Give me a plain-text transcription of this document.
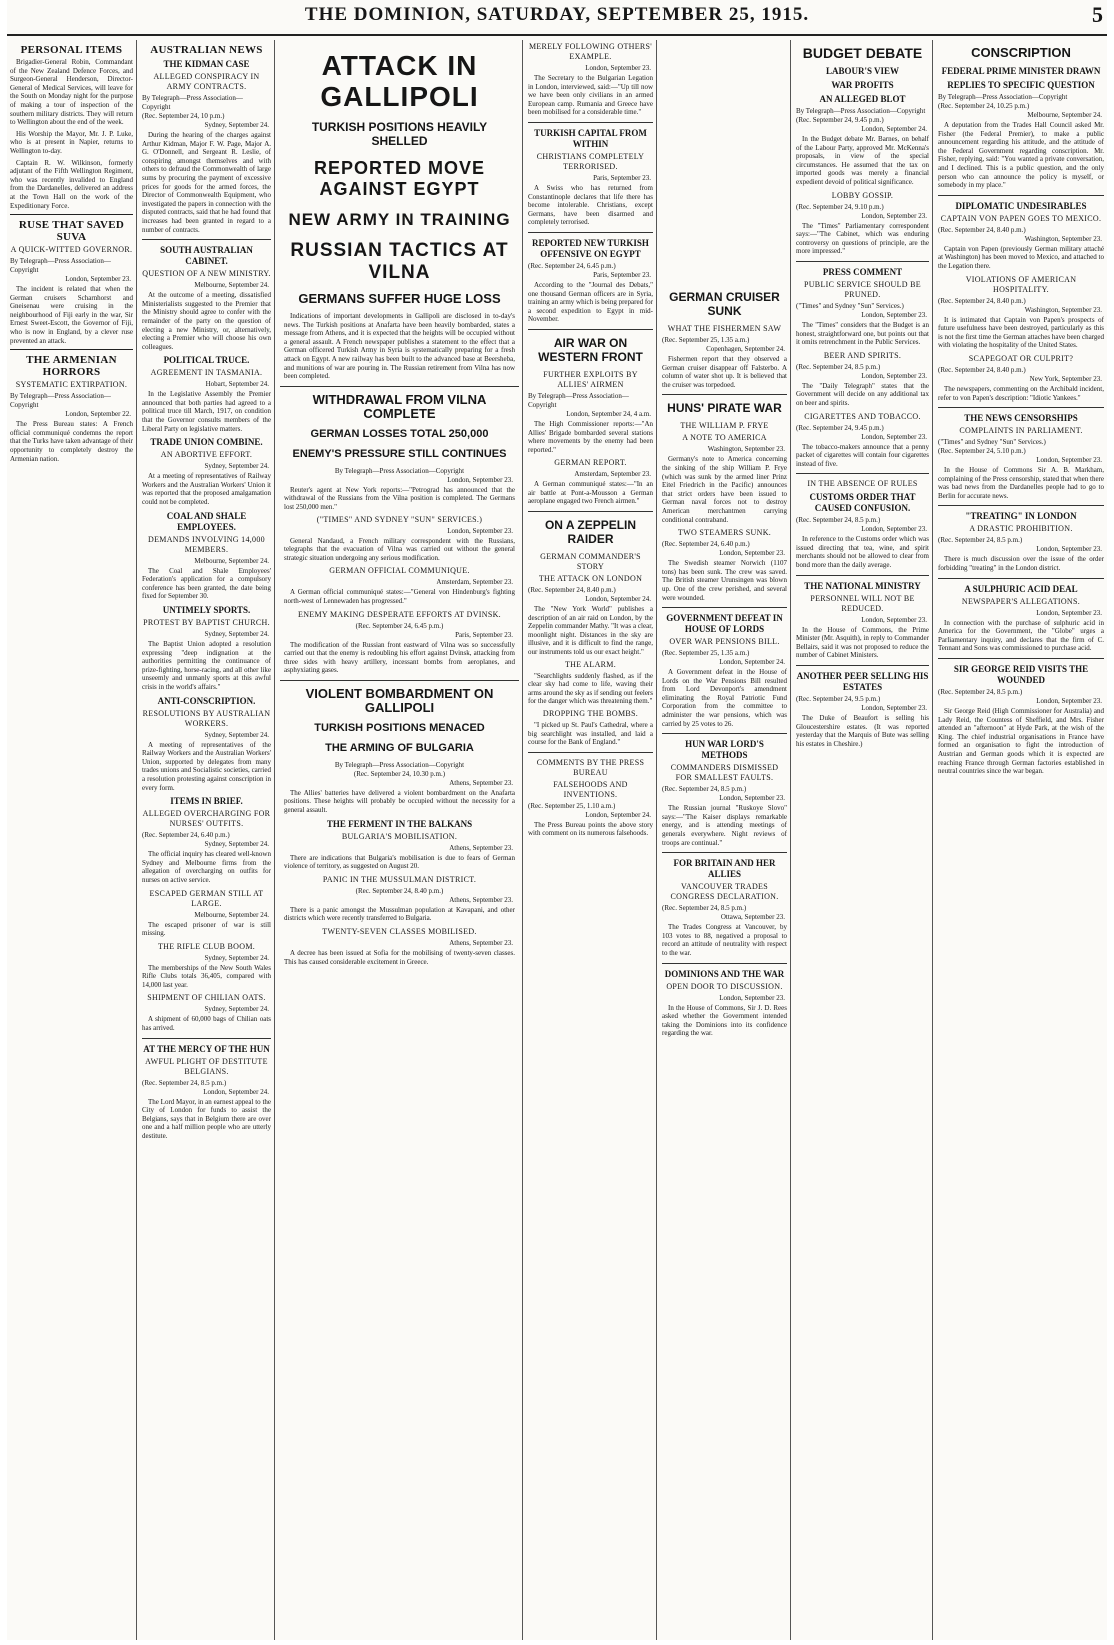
THE DOMINION, SATURDAY, SEPTEMBER 25, 1915.	5
PERSONAL ITEMS

Brigadier-General Robin, Commandant of the New Zealand Defence Forces, and Surgeon-General Henderson, Director-General of Medical Services, will leave for the South on Monday night for the purpose of making a tour of inspection of the southern military districts. They will return to Wellington about the end of the week.

His Worship the Mayor, Mr. J. P. Luke, who is at present in Napier, returns to Wellington to-day.

Captain R. W. Wilkinson, formerly adjutant of the Fifth Wellington Regiment, who was recently invalided to England from the Dardanelles, delivered an address at the Town Hall on the work of the Expeditionary Force.

RUSE THAT SAVED SUVA
A QUICK-WITTED GOVERNOR.

By Telegraph—Press Association—Copyright

London, September 23.

The incident is related that when the German cruisers Scharnhorst and Gneisenau were cruising in the neighbourhood of Fiji early in the war, Sir Ernest Sweet-Escott, the Governor of Fiji, who is now in England, by a clever ruse prevented an attack.

THE ARMENIAN HORRORS
SYSTEMATIC EXTIRPATION.

By Telegraph—Press Association—Copyright

London, September 22.

The Press Bureau states: A French official communiqué condemns the report that the Turks have taken advantage of their opportunity to completely destroy the Armenian nation.

AUSTRALIAN NEWS
THE KIDMAN CASE
ALLEGED CONSPIRACY IN ARMY CONTRACTS.

By Telegraph—Press Association—Copyright

(Rec. September 24, 10 p.m.)

Sydney, September 24.

During the hearing of the charges against Arthur Kidman, Major F. W. Page, Major A. G. O'Donnell, and Sergeant R. Leslie, of conspiring amongst themselves and with others to defraud the Commonwealth of large sums by procuring the payment of excessive prices for goods for the armed forces, the Director of Commonwealth Equipment, who investigated the papers in connection with the disputed contracts, said that he had found that increases had been granted in regard to a number of contracts.

SOUTH AUSTRALIAN CABINET.
QUESTION OF A NEW MINISTRY.

Melbourne, September 24.

At the outcome of a meeting, dissatisfied Ministerialists suggested to the Premier that the Ministry should agree to confer with the remainder of the party on the question of electing a new Ministry, or, alternatively, electing a Premier who will choose his own colleagues.

POLITICAL TRUCE.
AGREEMENT IN TASMANIA.

Hobart, September 24.

In the Legislative Assembly the Premier announced that both parties had agreed to a political truce till March, 1917, on condition that the Governor consults members of the Liberal Party on legislative matters.

TRADE UNION COMBINE.
AN ABORTIVE EFFORT.

Sydney, September 24.

At a meeting of representatives of Railway Workers and the Australian Workers' Union it was reported that the proposed amalgamation could not be completed.

COAL AND SHALE EMPLOYEES.
DEMANDS INVOLVING 14,000 MEMBERS.

Melbourne, September 24.

The Coal and Shale Employees' Federation's application for a compulsory conference has been granted, the date being fixed for September 30.

UNTIMELY SPORTS.
PROTEST BY BAPTIST CHURCH.

Sydney, September 24.

The Baptist Union adopted a resolution expressing "deep indignation at the authorities permitting the continuance of prize-fighting, horse-racing, and all other like unseemly and unmanly sports at this awful crisis in the world's affairs."

ANTI-CONSCRIPTION.
RESOLUTIONS BY AUSTRALIAN WORKERS.

Sydney, September 24.

A meeting of representatives of the Railway Workers and the Australian Workers' Union, supported by delegates from many trades unions and Socialistic societies, carried a resolution protesting against conscription in every form.

ITEMS IN BRIEF.
ALLEGED OVERCHARGING FOR NURSES' OUTFITS.

(Rec. September 24, 6.40 p.m.)

Sydney, September 24.

The official inquiry has cleared well-known Sydney and Melbourne firms from the allegation of overcharging on outfits for nurses on active service.

ESCAPED GERMAN STILL AT LARGE.

Melbourne, September 24.

The escaped prisoner of war is still missing.

THE RIFLE CLUB BOOM.

Sydney, September 24.

The memberships of the New South Wales Rifle Clubs totals 36,405, compared with 14,000 last year.

SHIPMENT OF CHILIAN OATS.

Sydney, September 24.

A shipment of 60,000 bags of Chilian oats has arrived.

AT THE MERCY OF THE HUN
AWFUL PLIGHT OF DESTITUTE BELGIANS.

(Rec. September 24, 8.5 p.m.)

London, September 24.

The Lord Mayor, in an earnest appeal to the City of London for funds to assist the Belgians, says that in Belgium there are over one and a half million people who are utterly destitute.

ATTACK IN GALLIPOLI
TURKISH POSITIONS HEAVILY SHELLED
REPORTED MOVE AGAINST EGYPT
NEW ARMY IN TRAINING
RUSSIAN TACTICS AT VILNA
GERMANS SUFFER HUGE LOSS

Indications of important developments in Gallipoli are disclosed in to-day's news. The Turkish positions at Anafarta have been heavily bombarded, states a message from Athens, and it is expected that the heights will be occupied without a general assault. A French newspaper publishes a statement to the effect that a German officered Turkish Army in Syria is systematically preparing for a fresh attack on Egypt. A new railway has been built to the advanced base at Beersheba, and munitions of war are pouring in. The Russian retirement from Vilna has now been completed.

WITHDRAWAL FROM VILNA COMPLETE
GERMAN LOSSES TOTAL 250,000
ENEMY'S PRESSURE STILL CONTINUES

By Telegraph—Press Association—Copyright

London, September 23.

Reuter's agent at New York reports:—"Petrograd has announced that the withdrawal of the Russians from the Vilna position is completed. The Germans lost 250,000 men."

("TIMES" AND SYDNEY "SUN" SERVICES.)

London, September 23.

General Nandaud, a French military correspondent with the Russians, telegraphs that the evacuation of Vilna was carried out without the general strategic situation undergoing any serious modification.

GERMAN OFFICIAL COMMUNIQUE.

Amsterdam, September 23.

A German official communiqué states:—"General von Hindenburg's fighting north-west of Lennewaden has progressed."

ENEMY MAKING DESPERATE EFFORTS AT DVINSK.

(Rec. September 24, 6.45 p.m.)

Paris, September 23.

The modification of the Russian front eastward of Vilna was so successfully carried out that the enemy is redoubling his effort against Dvinsk, attacking from three sides with heavy artillery, incessant bombs from aeroplanes, and asphyxiating gases.

VIOLENT BOMBARDMENT ON GALLIPOLI
TURKISH POSITIONS MENACED
THE ARMING OF BULGARIA

By Telegraph—Press Association—Copyright

(Rec. September 24, 10.30 p.m.)

Athens, September 23.

The Allies' batteries have delivered a violent bombardment on the Anafarta positions. These heights will probably be occupied without the necessity for a general assault.

THE FERMENT IN THE BALKANS
BULGARIA'S MOBILISATION.

Athens, September 23.

There are indications that Bulgaria's mobilisation is due to fears of German violence of territory, as suggested on August 20.

PANIC IN THE MUSSULMAN DISTRICT.

(Rec. September 24, 8.40 p.m.)

Athens, September 23.

There is a panic amongst the Mussulman population at Kavapani, and other districts which were recently transferred to Bulgaria.

TWENTY-SEVEN CLASSES MOBILISED.

Athens, September 23.

A decree has been issued at Sofia for the mobilising of twenty-seven classes. This has caused considerable excitement in Greece.

MERELY FOLLOWING OTHERS' EXAMPLE.

London, September 23.

The Secretary to the Bulgarian Legation in London, interviewed, said:—"Up till now we have been only civilians in an armed European camp. Rumania and Greece have been mobilised for a considerable time."

TURKISH CAPITAL FROM WITHIN
CHRISTIANS COMPLETELY TERRORISED.

Paris, September 23.

A Swiss who has returned from Constantinople declares that life there has become intolerable. Christians, except Germans, have been disarmed and completely terrorised.

REPORTED NEW TURKISH OFFENSIVE ON EGYPT

(Rec. September 24, 6.45 p.m.)

Paris, September 23.

According to the "Journal des Debats," one thousand German officers are in Syria, training an army which is being prepared for a second expedition to Egypt in mid-November.

AIR WAR ON WESTERN FRONT
FURTHER EXPLOITS BY ALLIES' AIRMEN

By Telegraph—Press Association—Copyright

London, September 24, 4 a.m.

The High Commissioner reports:—"An Allies' Brigade bombarded several stations where movements by the enemy had been reported."

GERMAN REPORT.

Amsterdam, September 23.

A German communiqué states:—"In an air battle at Pont-a-Mousson a German aeroplane engaged two French airmen."

ON A ZEPPELIN RAIDER
GERMAN COMMANDER'S STORY
THE ATTACK ON LONDON

(Rec. September 24, 8.40 p.m.)

London, September 24.

The "New York World" publishes a description of an air raid on London, by the Zeppelin commander Mathy. "It was a clear, moonlight night. Distances in the sky are illusive, and it is difficult to find the range, our instruments told us our exact height."

THE ALARM.

"Searchlights suddenly flashed, as if the clear sky had come to life, waving their arms around the sky as if sending out feelers for the danger which was threatening them."

DROPPING THE BOMBS.

"I picked up St. Paul's Cathedral, where a big searchlight was installed, and laid a course for the Bank of England."

COMMENTS BY THE PRESS BUREAU
FALSEHOODS AND INVENTIONS.

(Rec. September 25, 1.10 a.m.)

London, September 24.

The Press Bureau points the above story with comment on its numerous falsehoods.

GERMAN CRUISER SUNK
WHAT THE FISHERMEN SAW

(Rec. September 25, 1.35 a.m.)

Copenhagen, September 24.

Fishermen report that they observed a German cruiser disappear off Falsterbo. A column of water shot up. It is believed that the cruiser was torpedoed.

HUNS' PIRATE WAR
THE WILLIAM P. FRYE
A NOTE TO AMERICA

Washington, September 23.

Germany's note to America concerning the sinking of the ship William P. Frye (which was sunk by the armed liner Prinz Eitel Friedrich in the Pacific) announces that strict orders have been issued to German naval forces not to destroy American merchantmen carrying conditional contraband.

TWO STEAMERS SUNK.

(Rec. September 24, 6.40 p.m.)

London, September 23.

The Swedish steamer Norwich (1107 tons) has been sunk. The crew was saved. The British steamer Urunsingen was blown up. One of the crew perished, and several were wounded.

GOVERNMENT DEFEAT IN HOUSE OF LORDS
OVER WAR PENSIONS BILL.

(Rec. September 25, 1.35 a.m.)

London, September 24.

A Government defeat in the House of Lords on the War Pensions Bill resulted from Lord Devonport's amendment eliminating the Royal Patriotic Fund Corporation from the committee to administer the war pensions, which was carried by 25 votes to 26.

HUN WAR LORD'S METHODS
COMMANDERS DISMISSED FOR SMALLEST FAULTS.

(Rec. September 24, 8.5 p.m.)

London, September 23.

The Russian journal "Ruskoye Slovo" says:—"The Kaiser displays remarkable energy, and is attending meetings of generals everywhere. Night reviews of troops are continual."

FOR BRITAIN AND HER ALLIES
VANCOUVER TRADES CONGRESS DECLARATION.

(Rec. September 24, 8.5 p.m.)

Ottawa, September 23.

The Trades Congress at Vancouver, by 103 votes to 88, negatived a proposal to record an attitude of neutrality with respect to the war.

DOMINIONS AND THE WAR
OPEN DOOR TO DISCUSSION.

London, September 23.

In the House of Commons, Sir J. D. Rees asked whether the Government intended taking the Dominions into its confidence regarding the war.

BUDGET DEBATE
LABOUR'S VIEW
WAR PROFITS
AN ALLEGED BLOT

By Telegraph—Press Association—Copyright

(Rec. September 24, 9.45 p.m.)

London, September 24.

In the Budget debate Mr. Barnes, on behalf of the Labour Party, approved Mr. McKenna's proposals, in view of the special circumstances. He assumed that the tax on imported goods was merely a financial expedient devoid of political significance.

LOBBY GOSSIP.

(Rec. September 24, 9.10 p.m.)

London, September 23.

The "Times" Parliamentary correspondent says:—"The Cabinet, which was enduring controversy on questions of principle, are the more impressed."

PRESS COMMENT
PUBLIC SERVICE SHOULD BE PRUNED.

("Times" and Sydney "Sun" Services.)

London, September 23.

The "Times" considers that the Budget is an honest, straightforward one, but points out that it omits retrenchment in the Public Services.

BEER AND SPIRITS.

(Rec. September 24, 8.5 p.m.)

London, September 23.

The "Daily Telegraph" states that the Government will decide on any additional tax on beer and spirits.

CIGARETTES AND TOBACCO.

(Rec. September 24, 9.45 p.m.)

London, September 23.

The tobacco-makers announce that a penny packet of cigarettes will contain four cigarettes instead of five.

IN THE ABSENCE OF RULES
CUSTOMS ORDER THAT CAUSED CONFUSION.

(Rec. September 24, 8.5 p.m.)

London, September 23.

In reference to the Customs order which was issued directing that tea, wine, and spirit merchants should not be allowed to clear from bond more than the daily average.

THE NATIONAL MINISTRY
PERSONNEL WILL NOT BE REDUCED.

London, September 23.

In the House of Commons, the Prime Minister (Mr. Asquith), in reply to Commander Bellairs, said it was not proposed to reduce the number of Cabinet Ministers.

ANOTHER PEER SELLING HIS ESTATES

(Rec. September 24, 9.5 p.m.)

London, September 23.

The Duke of Beaufort is selling his Gloucestershire estates. (It was reported yesterday that the Marquis of Bute was selling his estates in Cheshire.)

CONSCRIPTION
FEDERAL PRIME MINISTER DRAWN
REPLIES TO SPECIFIC QUESTION

By Telegraph—Press Association—Copyright

(Rec. September 24, 10.25 p.m.)

Melbourne, September 24.

A deputation from the Trades Hall Council asked Mr. Fisher (the Federal Premier), to make a public announcement regarding his attitude, and the attitude of the Federal Government regarding conscription. Mr. Fisher, replying, said: "You wanted a private conversation, and I declined. This is a public question, and the only person who can announce the policy is myself, or somebody in my place."

DIPLOMATIC UNDESIRABLES
CAPTAIN VON PAPEN GOES TO MEXICO.

(Rec. September 24, 8.40 p.m.)

Washington, September 23.

Captain von Papen (previously German military attaché at Washington) has been moved to Mexico, and attached to the Legation there.

VIOLATIONS OF AMERICAN HOSPITALITY.

(Rec. September 24, 8.40 p.m.)

Washington, September 23.

It is intimated that Captain von Papen's prospects of future usefulness have been destroyed, particularly as this is not the first time the German attaches have been charged with violating the hospitality of the United States.

SCAPEGOAT OR CULPRIT?

(Rec. September 24, 8.40 p.m.)

New York, September 23.

The newspapers, commenting on the Archibald incident, refer to von Papen's description: "Idiotic Yankees."

THE NEWS CENSORSHIPS
COMPLAINTS IN PARLIAMENT.

("Times" and Sydney "Sun" Services.)

(Rec. September 24, 5.10 p.m.)

London, September 23.

In the House of Commons Sir A. B. Markham, complaining of the Press censorship, stated that when there was bad news from the Dardanelles people had to go to Berlin for accurate news.

"TREATING" IN LONDON
A DRASTIC PROHIBITION.

(Rec. September 24, 8.5 p.m.)

London, September 23.

There is much discussion over the issue of the order forbidding "treating" in the London district.

A SULPHURIC ACID DEAL
NEWSPAPER'S ALLEGATIONS.

London, September 23.

In connection with the purchase of sulphuric acid in America for the Government, the "Globe" urges a Parliamentary inquiry, and declares that the firm of C. Tennant and Sons was commissioned to purchase acid.

SIR GEORGE REID VISITS THE WOUNDED

(Rec. September 24, 8.5 p.m.)

London, September 23.

Sir George Reid (High Commissioner for Australia) and Lady Reid, the Countess of Sheffield, and Mrs. Fisher attended an "afternoon" at Hyde Park, at the wish of the King. The chief industrial organisations in France have formed an organisation to fight the introduction of Austrian and German goods which it is expected are reaching France through German factories established in neutral countries since the war began.
